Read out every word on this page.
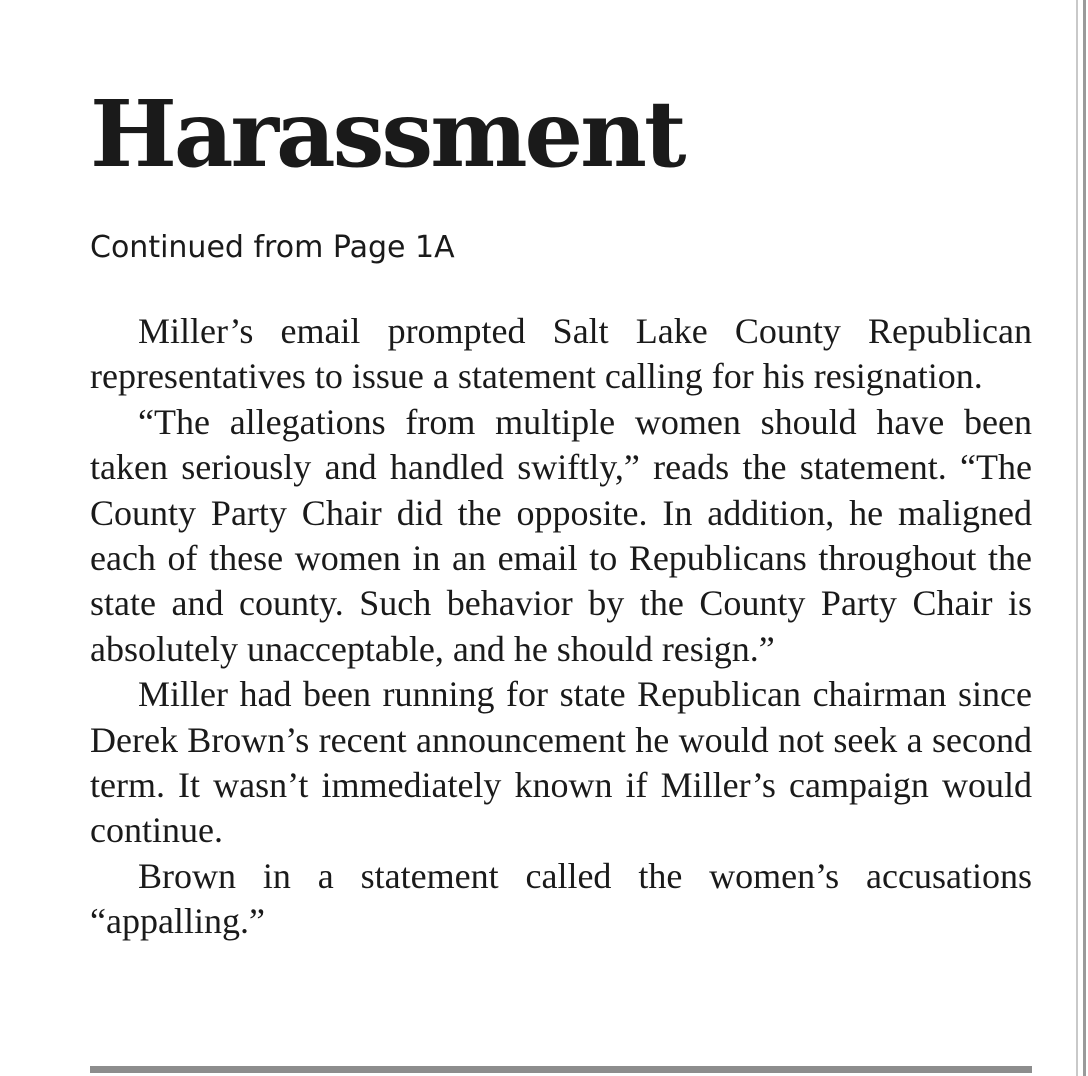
Harassment
Continued from Page 1A

Miller’s email prompted Salt Lake County Republican representatives to issue a statement calling for his resignation.

“The allegations from multiple women should have been taken seriously and handled swiftly,” reads the statement. “The County Party Chair did the opposite. In addition, he maligned each of these women in an email to Republicans throughout the state and county. Such behavior by the County Party Chair is absolutely unacceptable, and he should resign.”

Miller had been running for state Republican chairman since Derek Brown’s recent announcement he would not seek a second term. It wasn’t immediately known if Miller’s campaign would continue.

Brown in a statement called the women’s accusations “appalling.”
